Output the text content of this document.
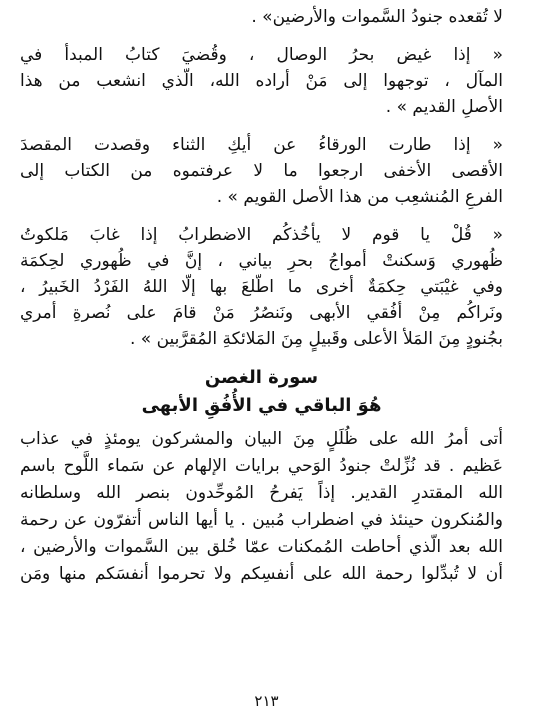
لا تُقعده جنودُ السَّموات والأرضين» .
« إذا غيض بحرُ الوصال ، وقُضيَ كتابُ المبدأ في
المآل ، توجهوا إلى مَنْ أراده الله، الّذي انشعب من هذا
الأصلِ القديم » .
« إذا طارت الورقاءُ عن أيكِ الثناء وقصدت المقصدَ
الأقصى الأخفى ارجعوا ما لا عرفتموه من الكتاب إلى
الفرعِ المُنشعِب من هذا الأصل القويم » .
« قُلْ يا قوم لا يأخُذكُم الاضطرابُ إذا غابَ مَلكوتُ
ظُهوري وَسكنتْ أمواجُ بحرِ بياني ، إنَّ في ظُهوري لحِكمَة
وفي غيْبَتي حِكمَةٌ أخرى ما اطّلعَ بها إلّا اللهُ الفَرْدُ الخَبيرُ ،
ونَراكُم مِنْ أفُقي الأبهى ونَنصُرُ مَنْ قامَ على نُصرةِ أمري
بجُنودٍ مِنَ المَلأ الأعلى وقَبيلٍ مِنَ المَلائكةِ المُقرَّبين » .
سورة الغصن
هُوَ الباقي في الأُفُقِ الأبهى
أتى أمرُ الله على ظُلَلٍ مِنَ البيان والمشركون يومئذٍ في عذاب
عَظيم . قد نُزِّلتْ جنودُ الوَحي برايات الإلهام عن سَماء اللَّوح باسم
الله المقتدرِ القدير. إذاً يَفرحُ المُوحِّدون بنصر الله وسلطانه
والمُنكرون حينئذ في اضطراب مُبين . يا أيها الناس أتفرّون عن رحمة
الله بعد الّذي أحاطت المُمكنات عمّا خُلق بين السَّموات والأرضين ،
أن لا تُبدِّلوا رحمة الله على أنفسِكم ولا تحرموا أنفسَكم منها ومَن
٢١٣
